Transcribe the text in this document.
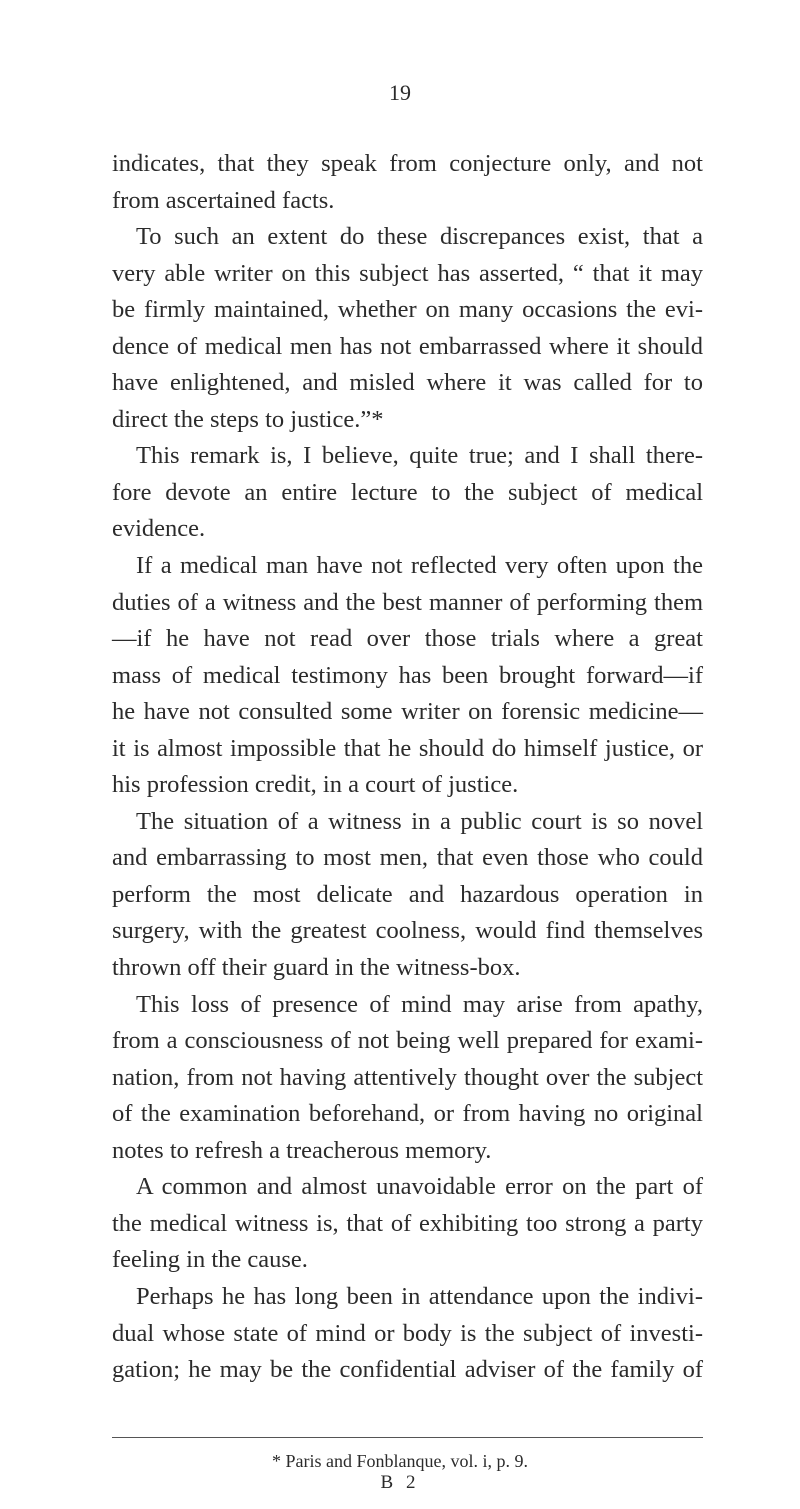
19
indicates, that they speak from conjecture only, and not
from ascertained facts.
To such an extent do these discrepances exist, that a
very able writer on this subject has asserted, “ that it may
be firmly maintained, whether on many occasions the evi-
dence of medical men has not embarrassed where it should
have enlightened, and misled where it was called for to
direct the steps to justice.”*
This remark is, I believe, quite true; and I shall there-
fore devote an entire lecture to the subject of medical
evidence.
If a medical man have not reflected very often upon the
duties of a witness and the best manner of performing them
—if he have not read over those trials where a great
mass of medical testimony has been brought forward—if
he have not consulted some writer on forensic medicine—
it is almost impossible that he should do himself justice, or
his profession credit, in a court of justice.
The situation of a witness in a public court is so novel
and embarrassing to most men, that even those who could
perform the most delicate and hazardous operation in
surgery, with the greatest coolness, would find themselves
thrown off their guard in the witness-box.
This loss of presence of mind may arise from apathy,
from a consciousness of not being well prepared for exami-
nation, from not having attentively thought over the subject
of the examination beforehand, or from having no original
notes to refresh a treacherous memory.
A common and almost unavoidable error on the part of
the medical witness is, that of exhibiting too strong a party
feeling in the cause.
Perhaps he has long been in attendance upon the indivi-
dual whose state of mind or body is the subject of investi-
gation; he may be the confidential adviser of the family of
* Paris and Fonblanque, vol. i, p. 9.
B 2
